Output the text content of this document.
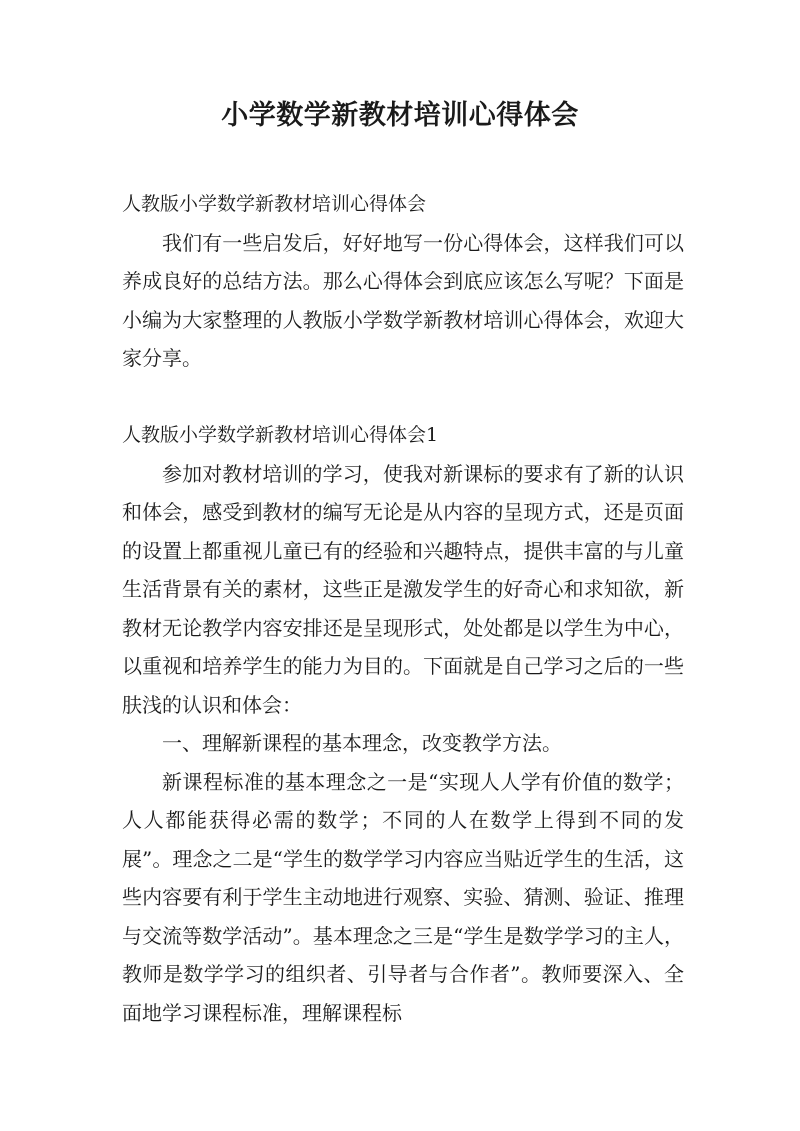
小学数学新教材培训心得体会

人教版小学数学新教材培训心得体会

我们有一些启发后，好好地写一份心得体会，这样我们可以养成良好的总结方法。那么心得体会到底应该怎么写呢？下面是小编为大家整理的人教版小学数学新教材培训心得体会，欢迎大家分享。

人教版小学数学新教材培训心得体会1

参加对教材培训的学习，使我对新课标的要求有了新的认识和体会，感受到教材的编写无论是从内容的呈现方式，还是页面的设置上都重视儿童已有的经验和兴趣特点，提供丰富的与儿童生活背景有关的素材，这些正是激发学生的好奇心和求知欲，新教材无论教学内容安排还是呈现形式，处处都是以学生为中心，以重视和培养学生的能力为目的。下面就是自己学习之后的一些肤浅的认识和体会：

一、理解新课程的基本理念，改变教学方法。

新课程标准的基本理念之一是“实现人人学有价值的数学；人人都能获得必需的数学；不同的人在数学上得到不同的发展”。理念之二是“学生的数学学习内容应当贴近学生的生活，这些内容要有利于学生主动地进行观察、实验、猜测、验证、推理与交流等数学活动”。基本理念之三是“学生是数学学习的主人，教师是数学学习的组织者、引导者与合作者”。教师要深入、全面地学习课程标准，理解课程标
